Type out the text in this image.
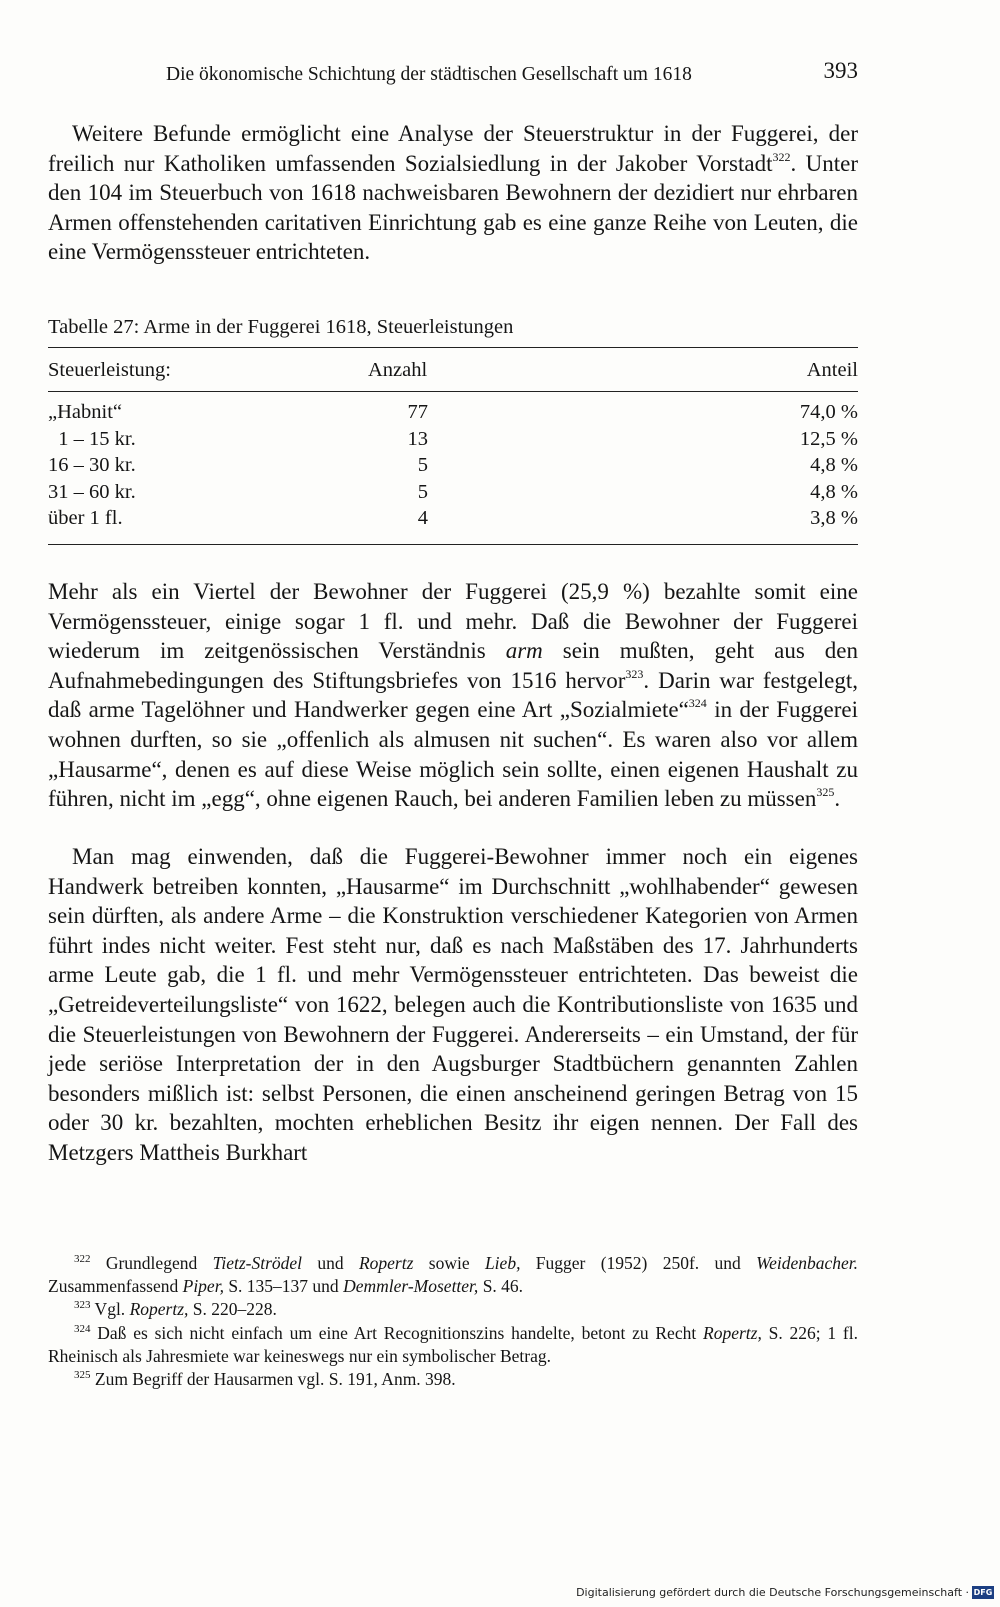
Die ökonomische Schichtung der städtischen Gesellschaft um 1618	393

Weitere Befunde ermöglicht eine Analyse der Steuerstruktur in der Fuggerei, der freilich nur Katholiken umfassenden Sozialsiedlung in der Jakober Vorstadt$^{322}$. Unter den 104 im Steuerbuch von 1618 nachweisbaren Bewohnern der dezidiert nur ehrbaren Armen offenstehenden caritativen Einrichtung gab es eine ganze Reihe von Leuten, die eine Vermögenssteuer entrichteten.

Tabelle 27: Arme in der Fuggerei 1618, Steuerleistungen
Steuerleistung:	Anzahl	Anteil
„Habnit“	77	74,0 %
1 – 15 kr.	13	12,5 %
16 – 30 kr.	5	4,8 %
31 – 60 kr.	5	4,8 %
über 1 fl.	4	3,8 %

Mehr als ein Viertel der Bewohner der Fuggerei (25,9 %) bezahlte somit eine Vermögenssteuer, einige sogar 1 fl. und mehr. Daß die Bewohner der Fuggerei wiederum im zeitgenössischen Verständnis arm sein mußten, geht aus den Aufnahmebedingungen des Stiftungsbriefes von 1516 hervor$^{323}$. Darin war festgelegt, daß arme Tagelöhner und Handwerker gegen eine Art „Sozialmiete“$^{324}$ in der Fuggerei wohnen durften, so sie „offenlich als almusen nit suchen“. Es waren also vor allem „Hausarme“, denen es auf diese Weise möglich sein sollte, einen eigenen Haushalt zu führen, nicht im „egg“, ohne eigenen Rauch, bei anderen Familien leben zu müssen$^{325}$.

Man mag einwenden, daß die Fuggerei-Bewohner immer noch ein eigenes Handwerk betreiben konnten, „Hausarme“ im Durchschnitt „wohlhabender“ gewesen sein dürften, als andere Arme – die Konstruktion verschiedener Kategorien von Armen führt indes nicht weiter. Fest steht nur, daß es nach Maßstäben des 17. Jahrhunderts arme Leute gab, die 1 fl. und mehr Vermögenssteuer entrichteten. Das beweist die „Getreideverteilungsliste“ von 1622, belegen auch die Kontributionsliste von 1635 und die Steuerleistungen von Bewohnern der Fuggerei. Andererseits – ein Umstand, der für jede seriöse Interpretation der in den Augsburger Stadtbüchern genannten Zahlen besonders mißlich ist: selbst Personen, die einen anscheinend geringen Betrag von 15 oder 30 kr. bezahlten, mochten erheblichen Besitz ihr eigen nennen. Der Fall des Metzgers Mattheis Burkhart

$^{322}$ Grundlegend Tietz-Strödel und Ropertz sowie Lieb, Fugger (1952) 250f. und Weidenbacher. Zusammenfassend Piper, S. 135–137 und Demmler-Mosetter, S. 46.

$^{323}$ Vgl. Ropertz, S. 220–228.

$^{324}$ Daß es sich nicht einfach um eine Art Recognitionszins handelte, betont zu Recht Ropertz, S. 226; 1 fl. Rheinisch als Jahresmiete war keineswegs nur ein symbolischer Betrag.

$^{325}$ Zum Begriff der Hausarmen vgl. S. 191, Anm. 398.

Digitalisierung gefördert durch die Deutsche Forschungsgemeinschaft · DFG
